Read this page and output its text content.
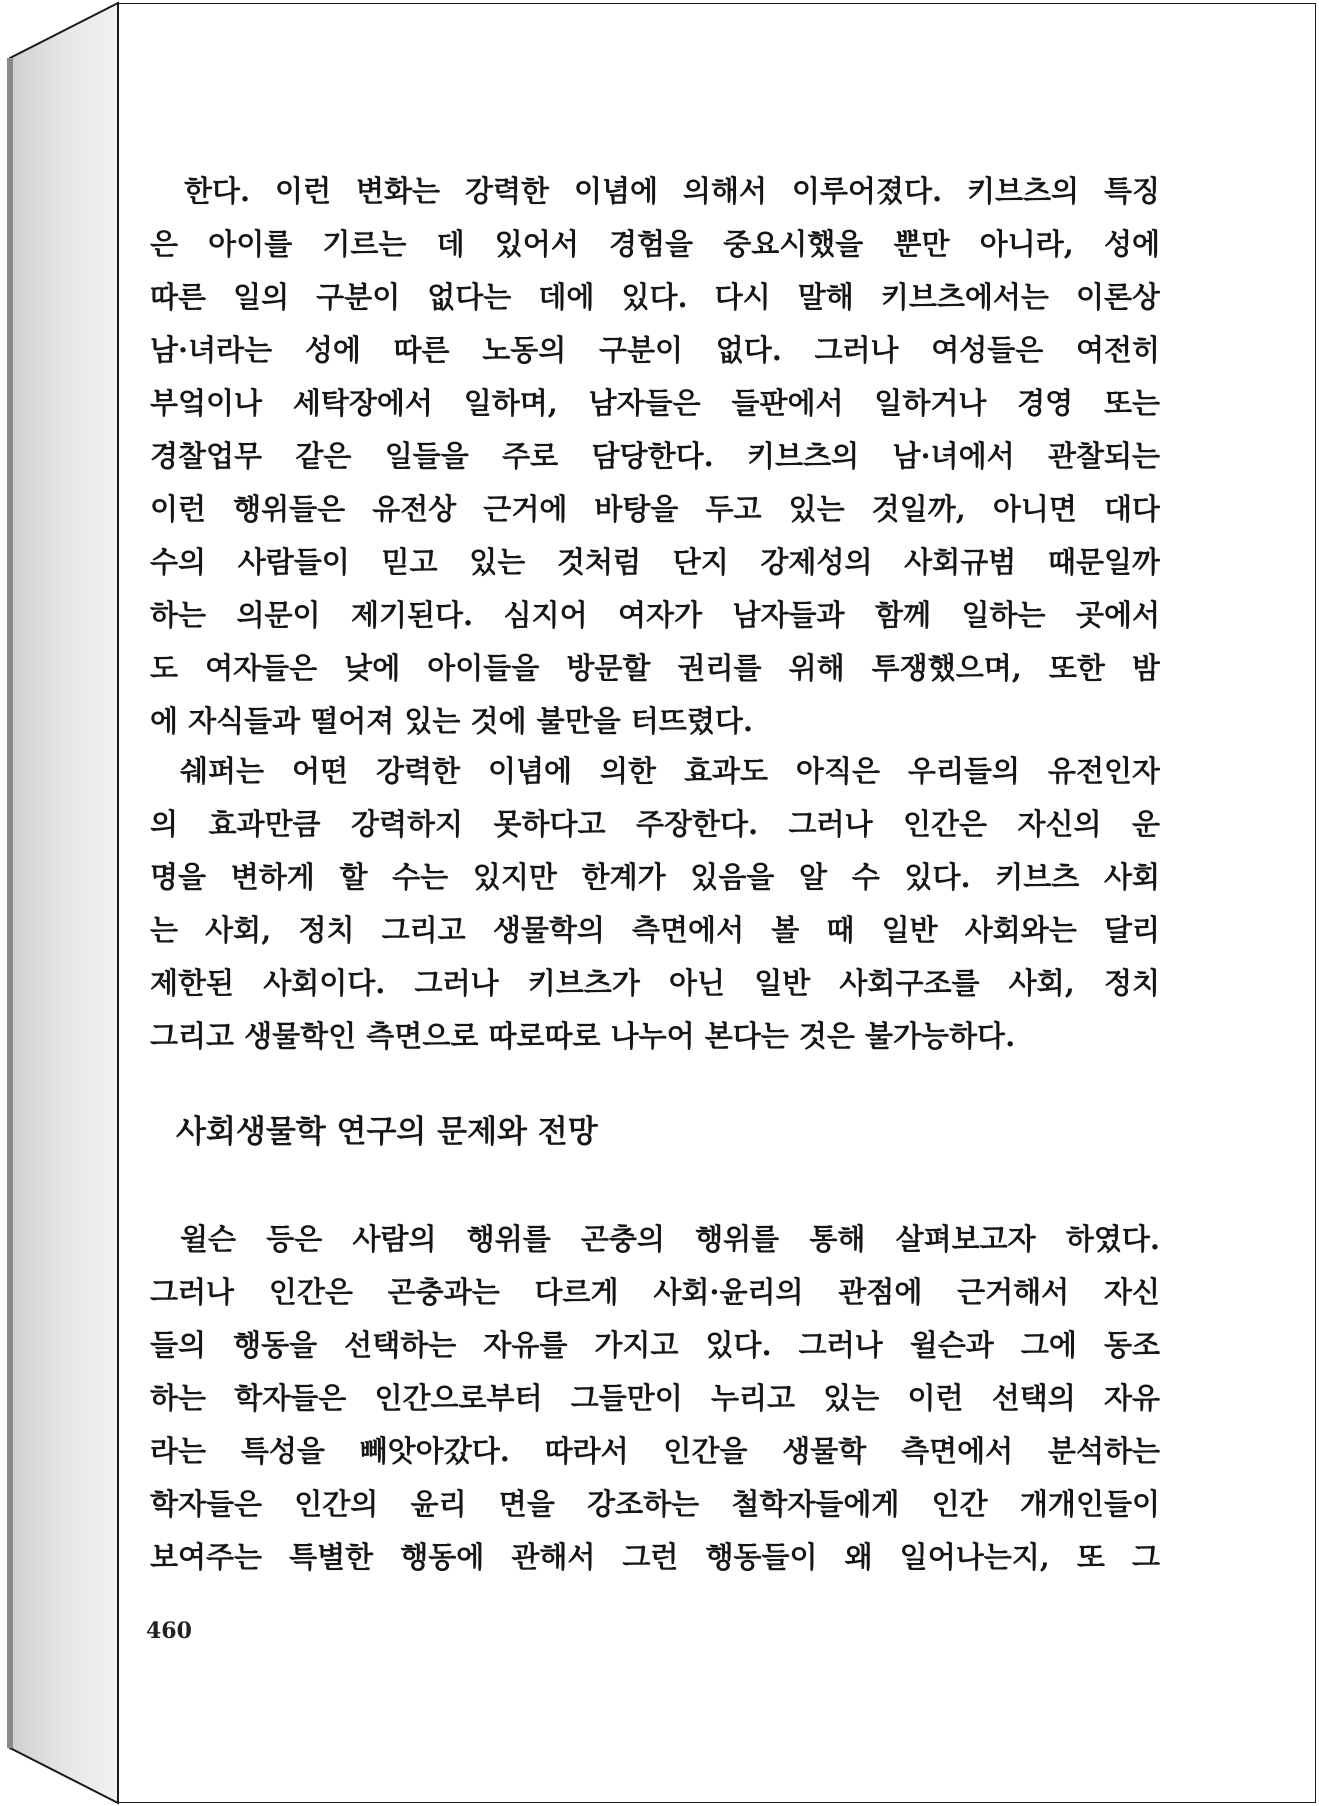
한다. 이런 변화는 강력한 이념에 의해서 이루어졌다. 키브츠의 특징
은 아이를 기르는 데 있어서 경험을 중요시했을 뿐만 아니라, 성에
따른 일의 구분이 없다는 데에 있다. 다시 말해 키브츠에서는 이론상
남·녀라는 성에 따른 노동의 구분이 없다. 그러나 여성들은 여전히
부엌이나 세탁장에서 일하며, 남자들은 들판에서 일하거나 경영 또는
경찰업무 같은 일들을 주로 담당한다. 키브츠의 남·녀에서 관찰되는
이런 행위들은 유전상 근거에 바탕을 두고 있는 것일까, 아니면 대다
수의 사람들이 믿고 있는 것처럼 단지 강제성의 사회규범 때문일까
하는 의문이 제기된다. 심지어 여자가 남자들과 함께 일하는 곳에서
도 여자들은 낮에 아이들을 방문할 권리를 위해 투쟁했으며, 또한 밤
에 자식들과 떨어져 있는 것에 불만을 터뜨렸다.

쉐퍼는 어떤 강력한 이념에 의한 효과도 아직은 우리들의 유전인자
의 효과만큼 강력하지 못하다고 주장한다. 그러나 인간은 자신의 운
명을 변하게 할 수는 있지만 한계가 있음을 알 수 있다. 키브츠 사회
는 사회, 정치 그리고 생물학의 측면에서 볼 때 일반 사회와는 달리
제한된 사회이다. 그러나 키브츠가 아닌 일반 사회구조를 사회, 정치
그리고 생물학인 측면으로 따로따로 나누어 본다는 것은 불가능하다.

사회생물학 연구의 문제와 전망

윌슨 등은 사람의 행위를 곤충의 행위를 통해 살펴보고자 하였다.
그러나 인간은 곤충과는 다르게 사회·윤리의 관점에 근거해서 자신
들의 행동을 선택하는 자유를 가지고 있다. 그러나 윌슨과 그에 동조
하는 학자들은 인간으로부터 그들만이 누리고 있는 이런 선택의 자유
라는 특성을 빼앗아갔다. 따라서 인간을 생물학 측면에서 분석하는
학자들은 인간의 윤리 면을 강조하는 철학자들에게 인간 개개인들이
보여주는 특별한 행동에 관해서 그런 행동들이 왜 일어나는지, 또 그

460
